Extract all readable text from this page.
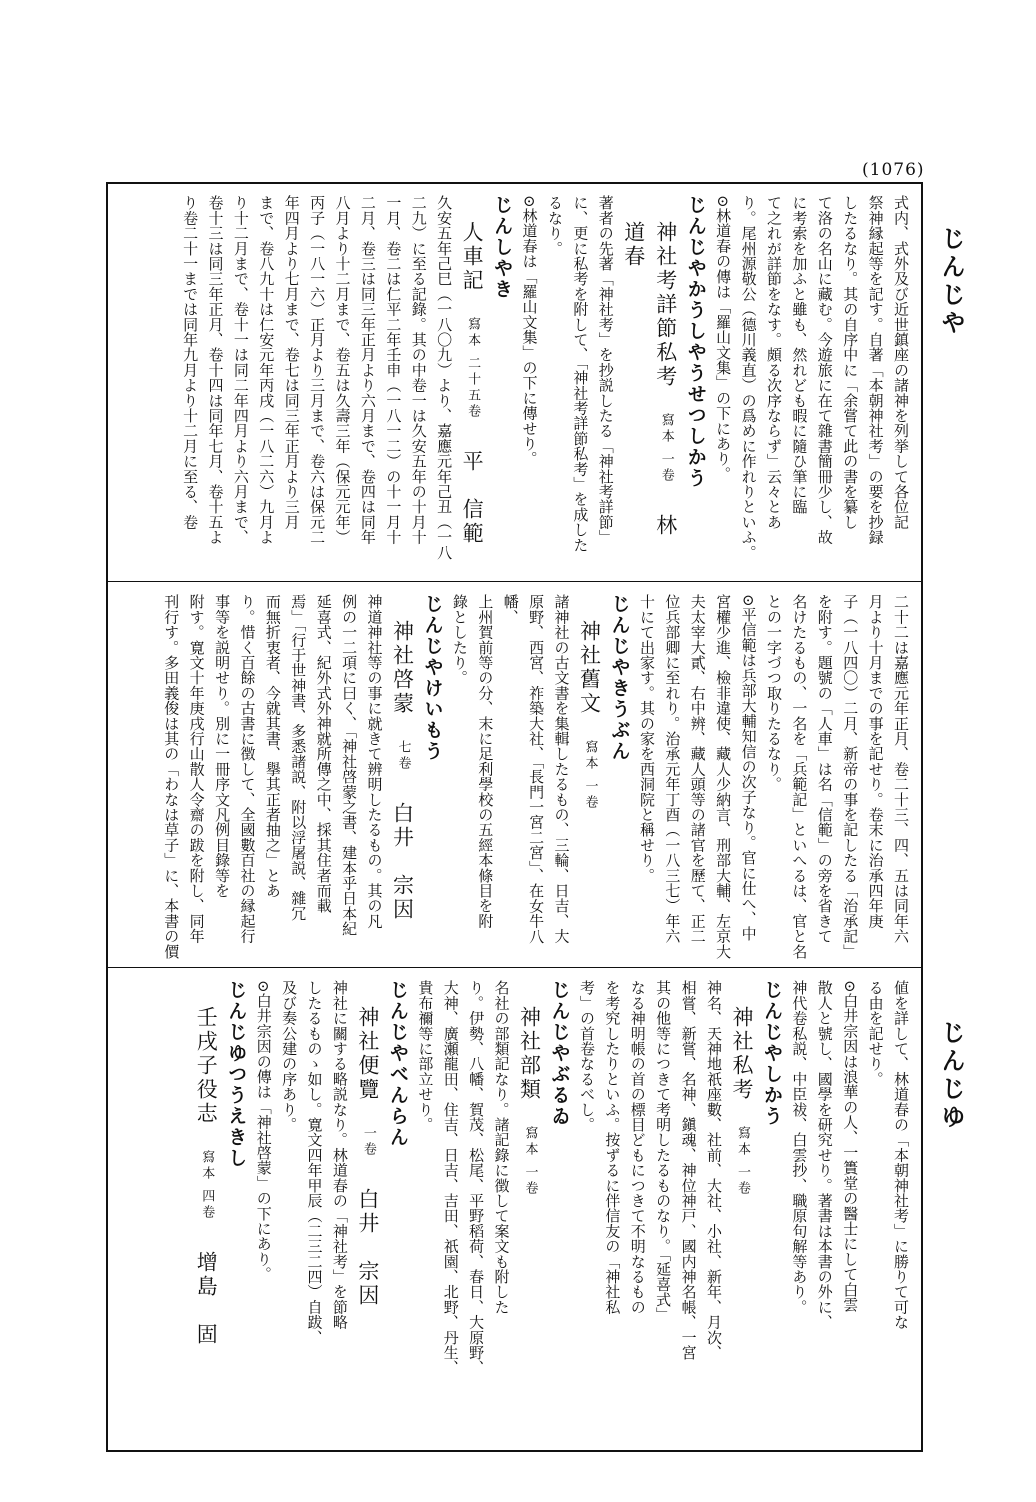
(1076)
じんじや
じんじゆ
式内、式外及び近世鎮座の諸神を列挙して各位記
祭神縁起等を記す。自著「本朝神社考」の要を抄録
したるなり。其の自序中に「余嘗て此の書を纂し
て洛の名山に藏む。今遊旅に在て雜書簡冊少し、故
に考索を加ふと雖も、然れども暇に隨ひ筆に臨
て之れが詳節をなす。頗る次序ならず」云々とあ
り。尾州源敬公（德川義直）の爲めに作れりといふ。
⊙林道春の傳は「羅山文集」の下にあり。
じんじやかうしやうせつしかう
神社考詳節私考寫本 一卷林　道春
著者の先著「神社考」を抄説したる「神社考詳節」
に、更に私考を附して、「神社考詳節私考」を成した
るなり。
⊙林道春は「羅山文集」の下に傳せり。
じんしやき
人車記寫本 二十五卷平　信範
久安五年己巳（一八〇九）より、嘉應元年己丑（一八
二九）に至る記錄。其の中卷一は久安五年の十月十
一月、卷二は仁平二年壬申（一八一二）の十一月十
二月、卷三は同三年正月より六月まで、卷四は同年
八月より十二月まで、卷五は久壽三年（保元元年）
丙子（一八一六）正月より三月まで、卷六は保元二
年四月より七月まで、卷七は同三年正月より三月
まで、卷八九十は仁安元年丙戌（一八二六）九月よ
り十二月まで、卷十一は同二年四月より六月まで、
卷十三は同三年正月、卷十四は同年七月、卷十五よ
り卷二十一までは同年九月より十二月に至る、卷
二十二は嘉應元年正月、卷二十三、四、五は同年六
月より十月までの事を記せり。卷末に治承四年庚
子（一八四〇）二月、新帝の事を記したる「治承記」
を附す。題號の「人車」は名「信範」の旁を省きて
名けたるもの、一名を「兵範記」といへるは、官と名
との一字づつ取りたるなり。
⊙平信範は兵部大輔知信の次子なり。官に仕へ、中
宮權少進、檢非違使、藏人少納言、刑部大輔、左京大
夫太宰大貳、右中辨、藏人頭等の諸官を歷て、正二
位兵部卿に至れり。治承元年丁酉（一八三七）年六
十にて出家す。其の家を西洞院と稱せり。
じんじやきうぶん
神社舊文寫本 一卷
諸神社の古文書を集輯したるもの、三輪、日吉、大
原野、西宮、祚築大社、「長門一宮二宮」、在女牛八幡、
上州賀前等の分、末に足利學校の五經本條目を附
錄としたり。
じんじやけいもう
神社啓蒙七卷白井　宗因
神道神社等の事に就きて辨明したるもの。其の凡
例の一二項に曰く、「神社啓蒙之書、建本乎日本紀
延喜式、紀外式外神就所傳之中、採其住者而載
焉」「行于世神書、多悉諸説、附以浮屠説、雜冗
而無折衷者、今就其書、擧其正者抽之」とあ
り。惜く百餘の古書に徴して、全國數百社の縁起行
事等を説明せり。別に一冊序文凡例目錄等を
附す。寛文十年庚戌行山散人令齋の跋を附し、同年
刊行す。多田義俊は其の「わなは草子」に、本書の價
値を詳して、林道春の「本朝神社考」に勝りて可な
る由を記せり。
⊙白井宗因は浪華の人、一簣堂の醫士にして白雲
散人と號し、國學を研究せり。著書は本書の外に、
神代卷私説、中臣祓、白雲抄、職原句解等あり。
じんじやしかう
神社私考寫本 一卷
神名、天神地祇座數、社前、大社、小社、新年、月次、
相嘗、新嘗、名神、鎭魂、神位神戸、國内神名帳、一宮
其の他等につきて考明したるものなり。「延喜式」
なる神明帳の首の標目どもにつきて不明なるもの
を考究したりといふ。按ずるに伴信友の「神社私
考」の首卷なるべし。
じんじやぶるゐ
神社部類寫本 一卷
名社の部類記なり。諸記錄に徴して案文も附した
り。伊勢、八幡、賀茂、松尾、平野稻荷、春日、大原野、
大神、廣瀬龍田、住吉、日吉、吉田、祇園、北野、丹生、
貴布禰等に部立せり。
じんじやべんらん
神社便覽一卷白井　宗因
神社に關する略説なり。林道春の「神社考」を節略
したるものゝ如し。寛文四年甲辰（二三二四）自跋、
及び奏公建の序あり。
⊙白井宗因の傳は「神社啓蒙」の下にあり。
じんじゆつうえきし
壬戌子役志寫本 四卷增島　固
